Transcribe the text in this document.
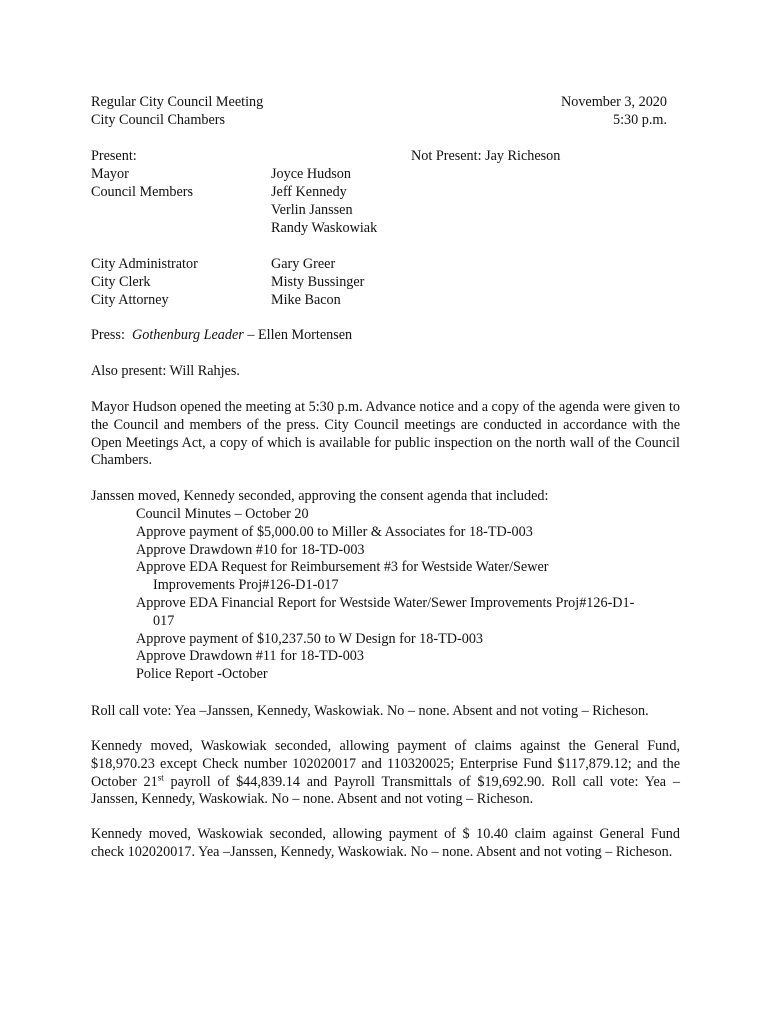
Regular City Council Meeting
City Council Chambers
November 3, 2020
5:30 p.m.
Present:	Not Present: Jay Richeson
Mayor	Joyce Hudson
Council Members	Jeff Kennedy
Verlin Janssen
Randy Waskowiak
City Administrator	Gary Greer
City Clerk	Misty Bussinger
City Attorney	Mike Bacon
Press: Gothenburg Leader – Ellen Mortensen
Also present: Will Rahjes.
Mayor Hudson opened the meeting at 5:30 p.m. Advance notice and a copy of the agenda were given to the Council and members of the press. City Council meetings are conducted in accordance with the Open Meetings Act, a copy of which is available for public inspection on the north wall of the Council Chambers.
Janssen moved, Kennedy seconded, approving the consent agenda that included:
Council Minutes – October 20
Approve payment of $5,000.00 to Miller & Associates for 18-TD-003
Approve Drawdown #10 for 18-TD-003
Approve EDA Request for Reimbursement #3 for Westside Water/Sewer
Improvements Proj#126-D1-017
Approve EDA Financial Report for Westside Water/Sewer Improvements Proj#126-D1-
017
Approve payment of $10,237.50 to W Design for 18-TD-003
Approve Drawdown #11 for 18-TD-003
Police Report -October
Roll call vote: Yea –Janssen, Kennedy, Waskowiak. No – none. Absent and not voting – Richeson.
Kennedy moved, Waskowiak seconded, allowing payment of claims against the General Fund, $18,970.23 except Check number 102020017 and 110320025; Enterprise Fund $117,879.12; and the October 21st payroll of $44,839.14 and Payroll Transmittals of $19,692.90. Roll call vote: Yea –Janssen, Kennedy, Waskowiak. No – none. Absent and not voting – Richeson.
Kennedy moved, Waskowiak seconded, allowing payment of $ 10.40 claim against General Fund check 102020017. Yea –Janssen, Kennedy, Waskowiak. No – none. Absent and not voting – Richeson.
